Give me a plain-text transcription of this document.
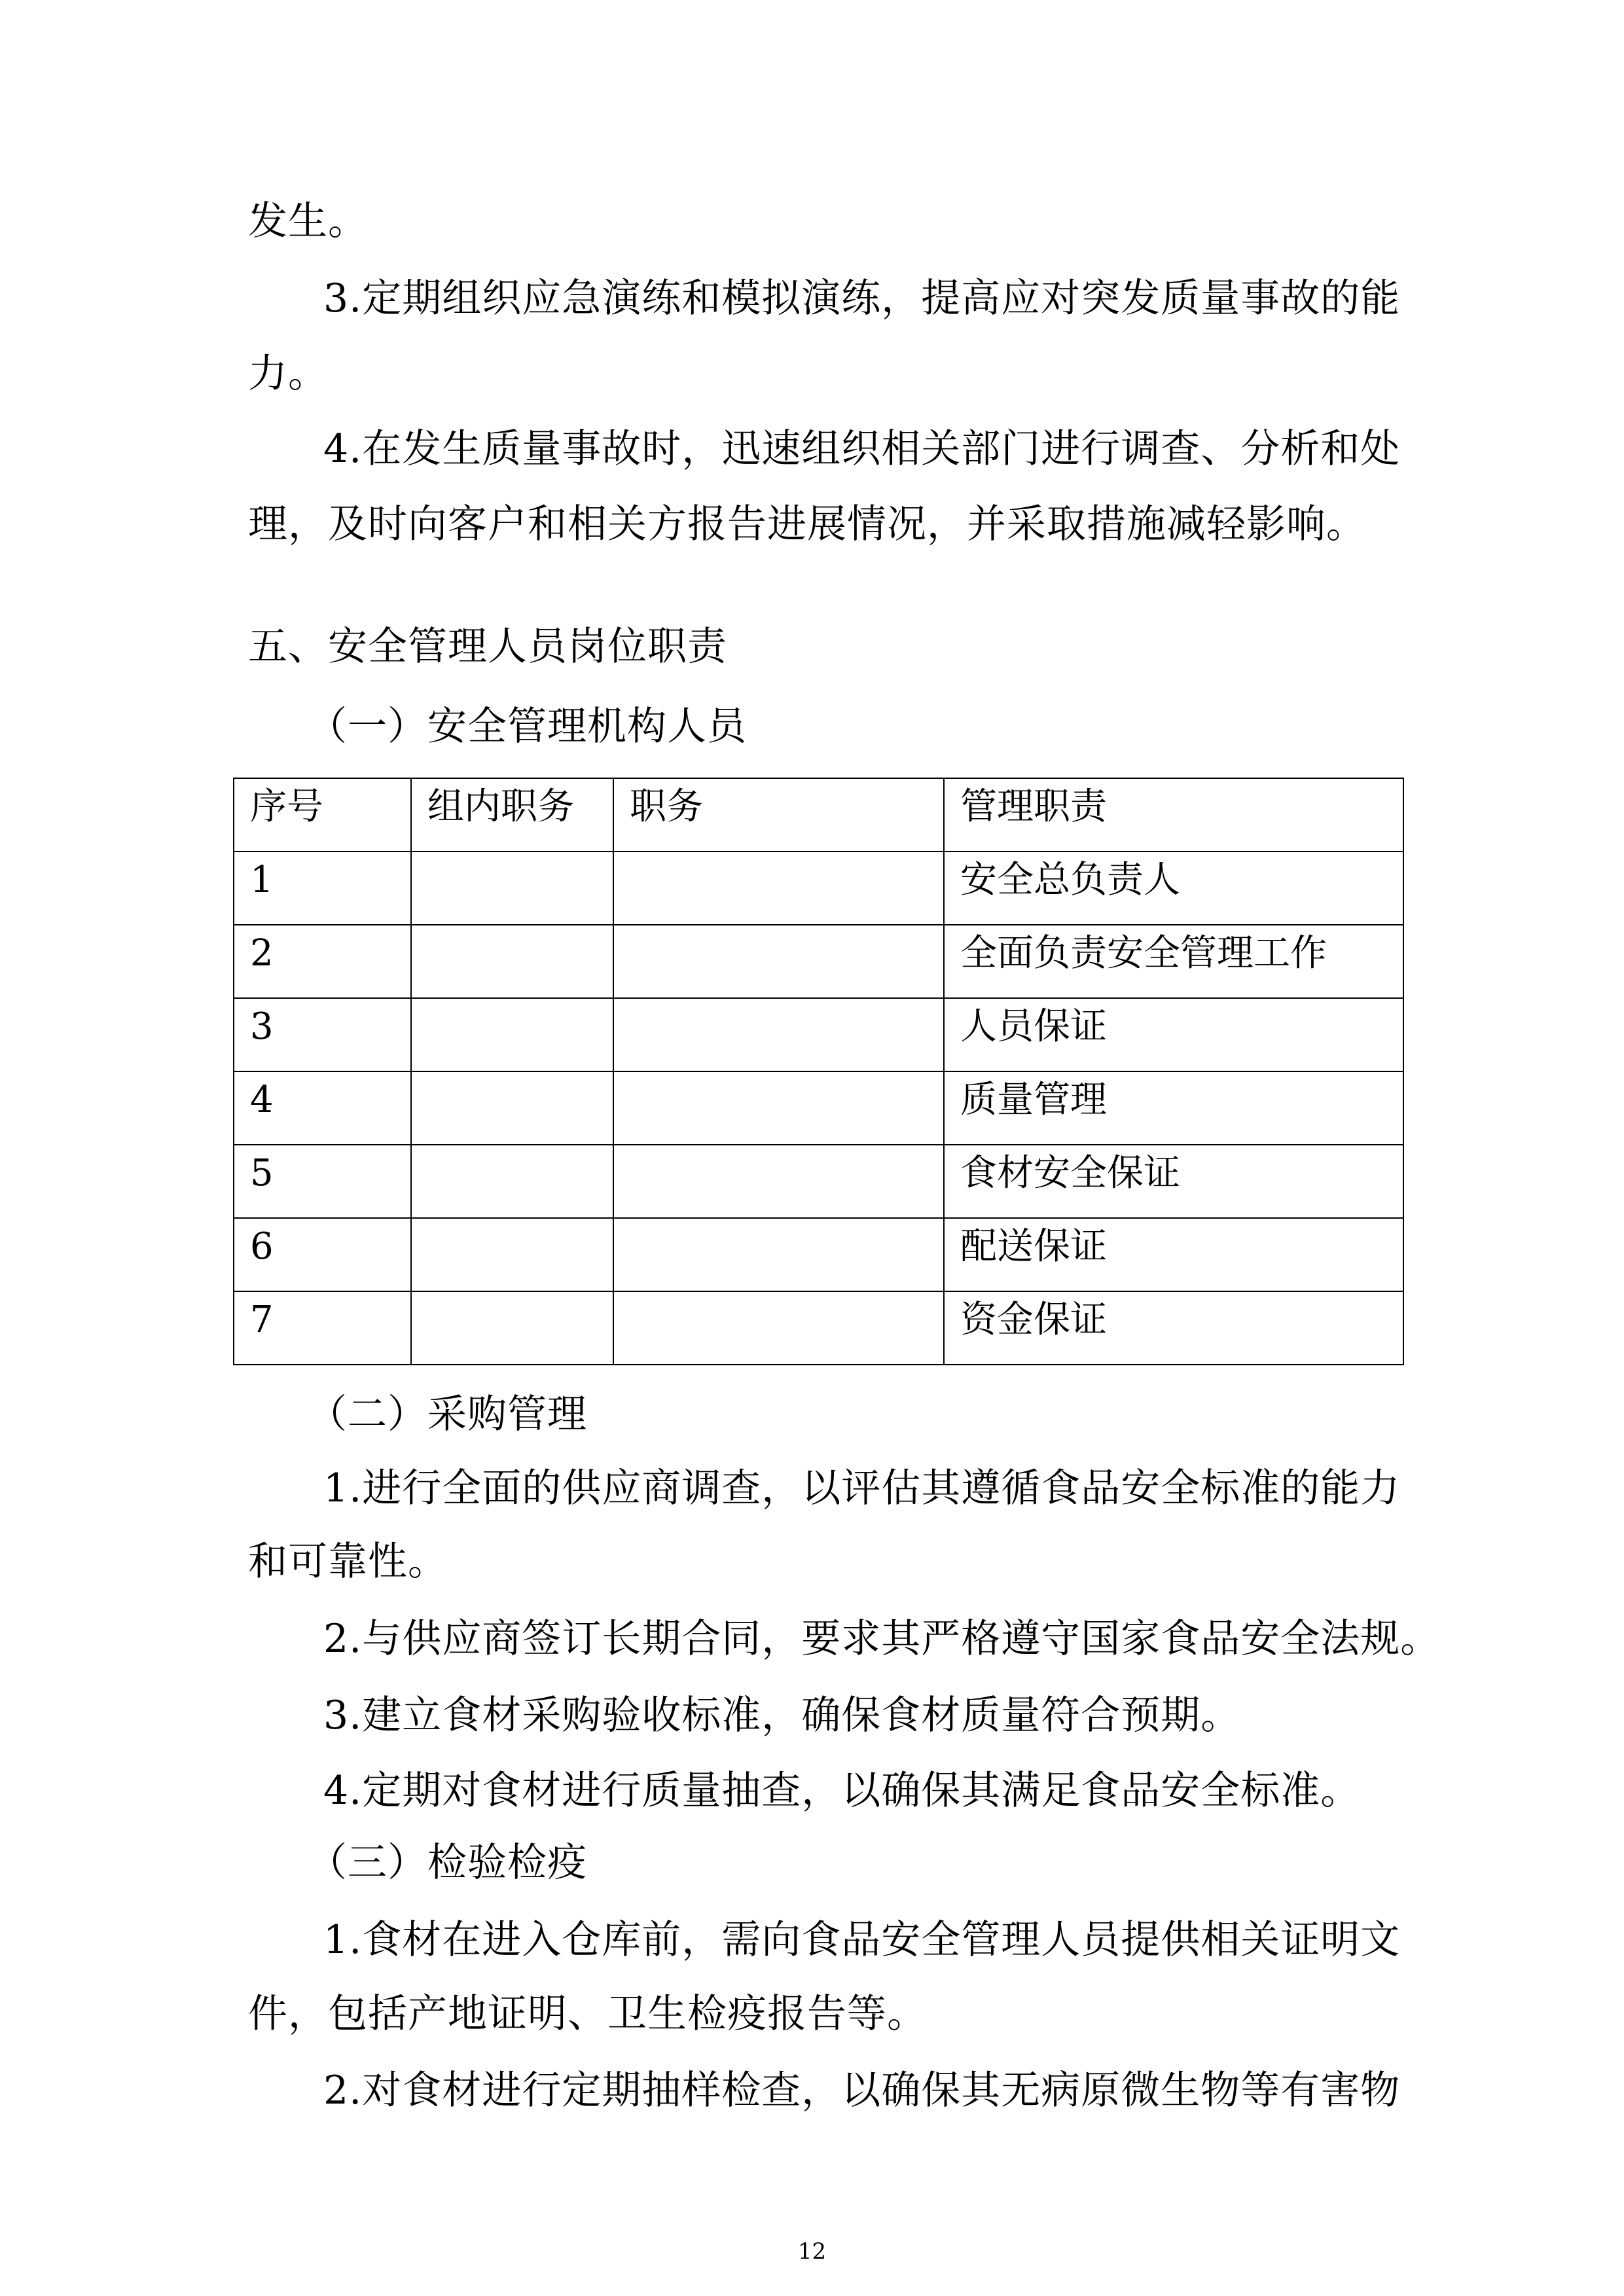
发生。
3.定期组织应急演练和模拟演练，提高应对突发质量事故的能
力。
4.在发生质量事故时，迅速组织相关部门进行调查、分析和处
理，及时向客户和相关方报告进展情况，并采取措施减轻影响。
五、安全管理人员岗位职责
（一）安全管理机构人员
序号	组内职务	职务	管理职责
1			安全总负责人
2			全面负责安全管理工作
3			人员保证
4			质量管理
5			食材安全保证
6			配送保证
7			资金保证
（二）采购管理
1.进行全面的供应商调查，以评估其遵循食品安全标准的能力
和可靠性。
2.与供应商签订长期合同，要求其严格遵守国家食品安全法规。
3.建立食材采购验收标准，确保食材质量符合预期。
4.定期对食材进行质量抽查，以确保其满足食品安全标准。
（三）检验检疫
1.食材在进入仓库前，需向食品安全管理人员提供相关证明文
件，包括产地证明、卫生检疫报告等。
2.对食材进行定期抽样检查，以确保其无病原微生物等有害物
12
